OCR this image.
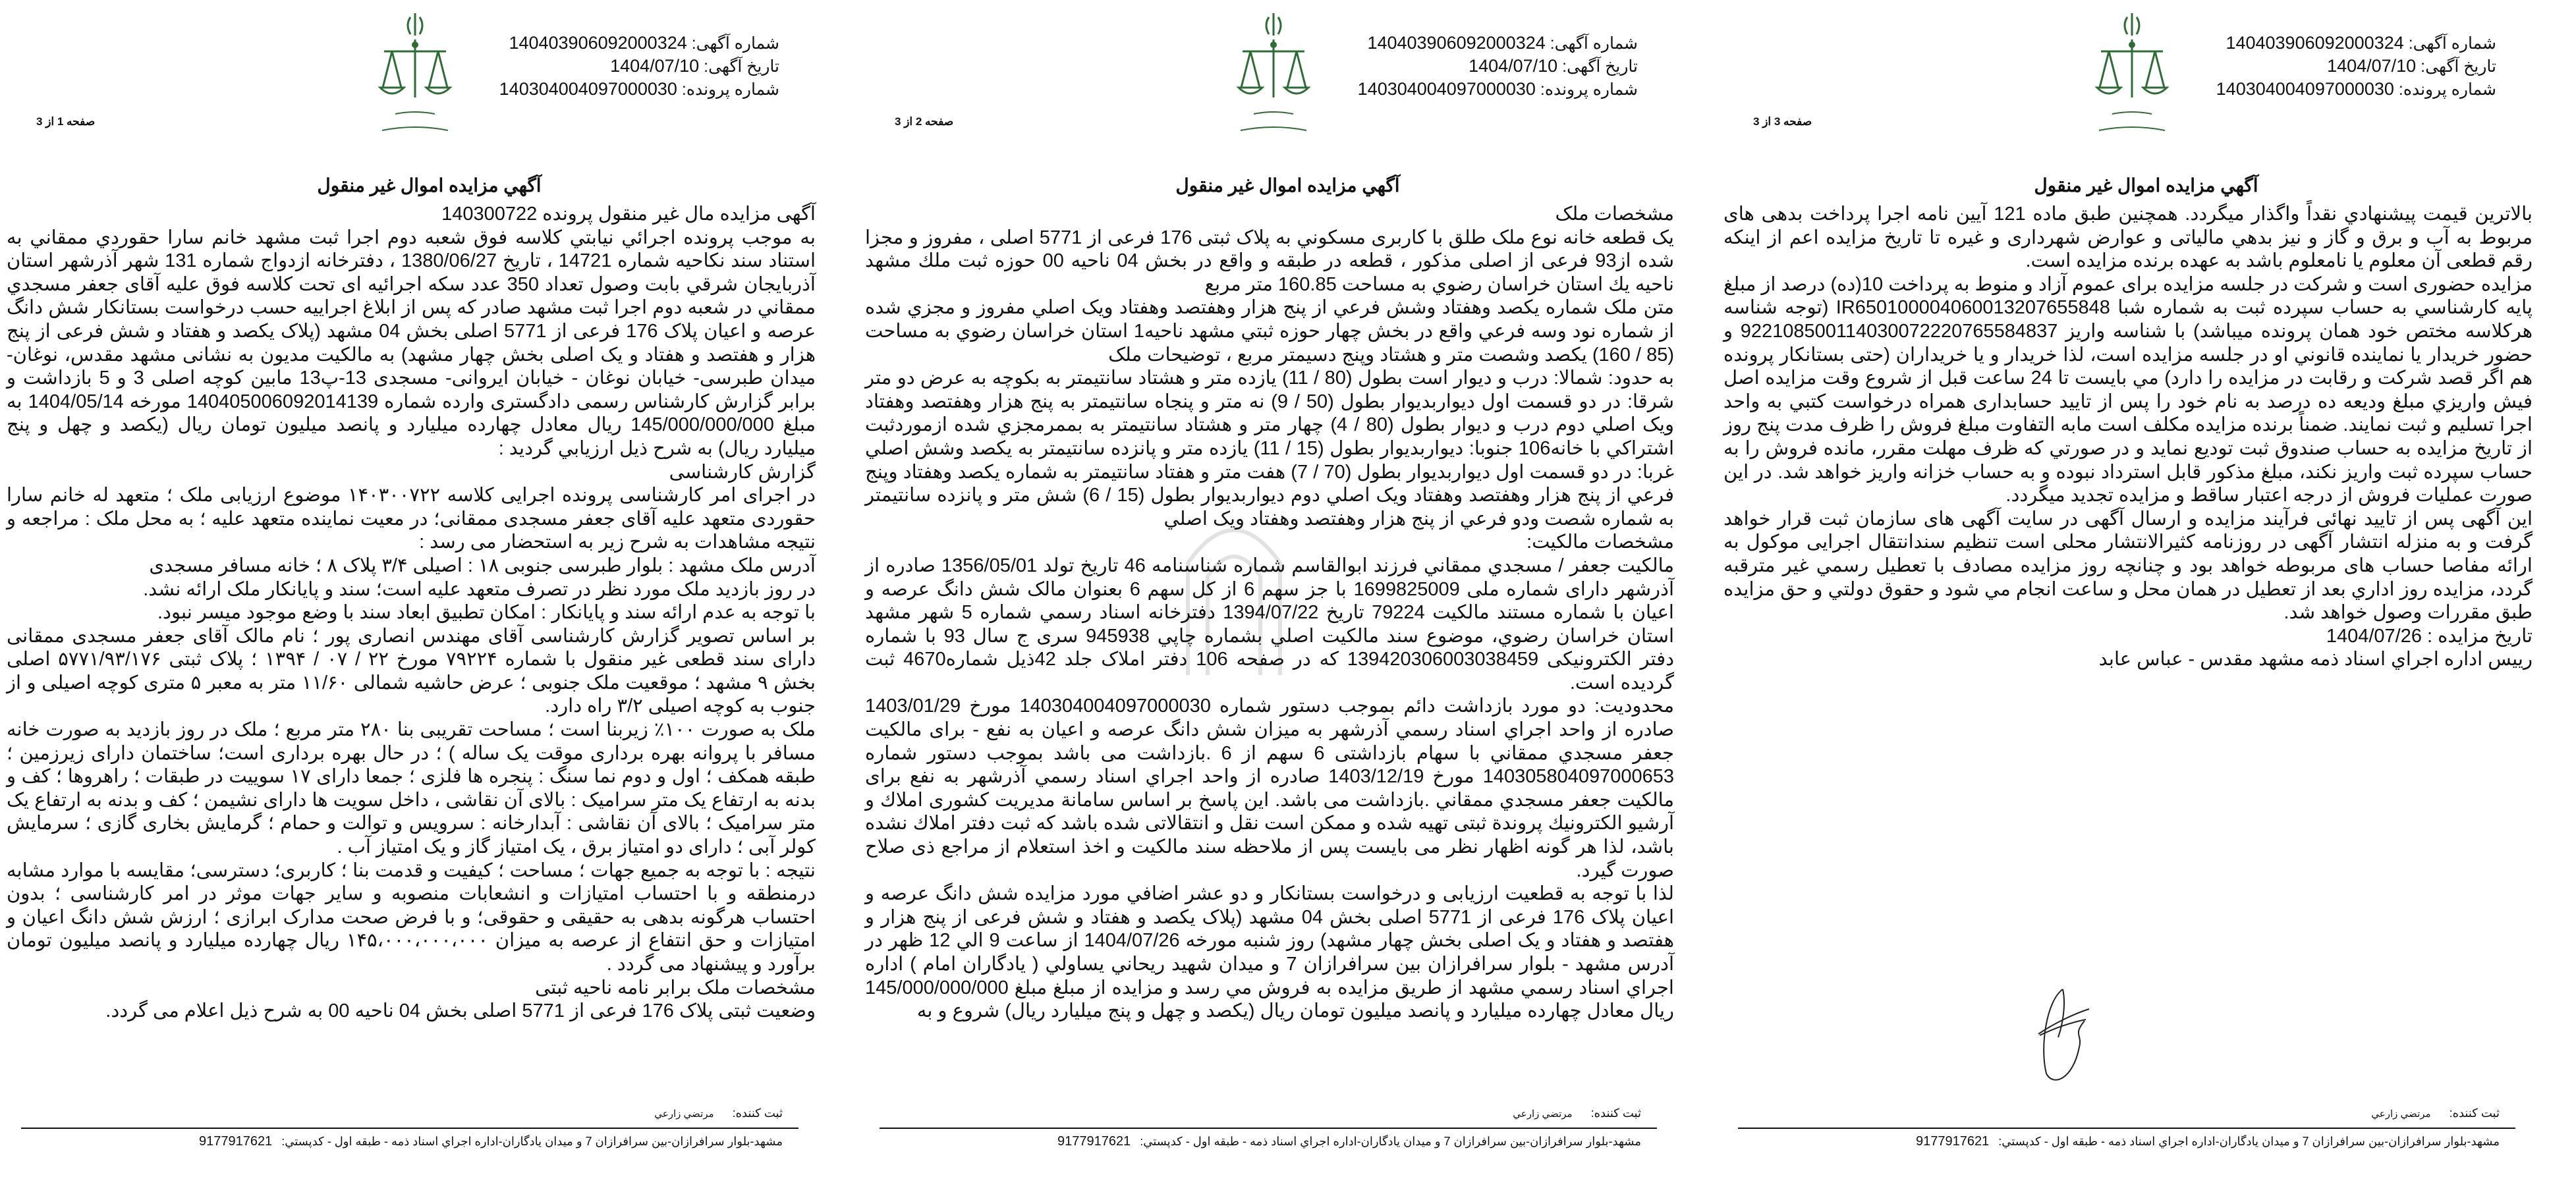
شماره آگهی: 140403906092000324
تاریخ آگهی: 1404/07/10
شماره پرونده: 140304004097000030
صفحه 1 از 3
آگهي مزايده اموال غير منقول

آگهی مزایده مال غیر منقول پرونده 140300722

به موجب پرونده اجرائي نيابتي کلاسه فوق شعبه دوم اجرا ثبت مشهد خانم سارا حقوردي ممقاني به استناد سند نکاحيه شماره 14721 ، تاريخ 1380/06/27 ، دفترخانه ازدواج شماره 131 شهر آذرشهر استان آذربايجان شرقي بابت وصول تعداد 350 عدد سکه اجرائيه ای تحت کلاسه فوق عليه آقای جعفر مسجدي ممقاني در شعبه دوم اجرا ثبت مشهد صادر که پس از ابلاغ اجراييه حسب درخواست بستانکار شش دانگ عرصه و اعيان پلاک 176 فرعی از 5771 اصلی بخش 04 مشهد (پلاک یکصد و هفتاد و شش فرعی از پنج هزار و هفتصد و هفتاد و یک اصلی بخش چهار مشهد) به مالکیت مدیون به نشانی مشهد مقدس، نوغان- میدان طبرسی- خیابان نوغان - خیابان ایروانی- مسجدی 13-پ13 مابین کوچه اصلی 3 و 5 بازداشت و برابر گزارش کارشناس رسمی دادگستری وارده شماره 14040500609201413‌9 مورخه 1404/05/14 به مبلغ 145/000/000/000 ریال معادل چهارده میلیارد و پانصد میلیون تومان ریال (یکصد و چهل و پنج میلیارد ریال) به شرح ذیل ارزيابي گرديد :

گزارش کارشناسی

در اجرای امر کارشناسی پرونده اجرایی کلاسه ۱۴۰۳۰۰۷۲۲ موضوع ارزیابی ملک ؛ متعهد له خانم سارا حقوردی متعهد علیه آقای جعفر مسجدی ممقانی؛ در معیت نماینده متعهد علیه ؛ به محل ملک : مراجعه و نتیجه مشاهدات به شرح زیر به استحضار می رسد :

آدرس ملک مشهد : بلوار طبرسی جنوبی ۱۸ : اصیلی ۳/۴ پلاک ۸ ؛ خانه مسافر مسجدی

در روز بازدید ملک مورد نظر در تصرف متعهد علیه است؛ سند و پایانکار ملک ارائه نشد.

با توجه به عدم ارائه سند و پایانکار : امکان تطبیق ابعاد سند با وضع موجود میسر نبود.

بر اساس تصویر گزارش کارشناسی آقای مهندس انصاری پور ؛ نام مالک آقای جعفر مسجدی ممقانی دارای سند قطعی غیر منقول با شماره ۷۹۲۲۴ مورخ ۲۲ / ۰۷ / ۱۳۹۴ ؛ پلاک ثبتی ۵۷۷۱/۹۳/۱۷۶ اصلی بخش ۹ مشهد ؛ موقعیت ملک جنوبی ؛ عرض حاشیه شمالی ۱۱/۶۰ متر به معبر ۵ متری کوچه اصیلی و از جنوب به کوچه اصیلی ۳/۲ راه دارد.

ملک به صورت ۱۰۰٪ زیربنا است ؛ مساحت تقریبی بنا ۲۸۰ متر مربع ؛ ملک در روز بازدید به صورت خانه مسافر با پروانه بهره برداری موقت یک ساله ) ؛ در حال بهره برداری است؛ ساختمان دارای زیرزمین ؛ طبقه همکف ؛ اول و دوم نما سنگ : پنجره ها فلزی ؛ جمعا دارای ۱۷ سوییت در طبقات ؛ راهروها ؛ کف و بدنه به ارتفاع یک متر سرامیک : بالای آن نقاشی ، داخل سویت ها دارای نشیمن ؛ کف و بدنه به ارتفاع یک متر سرامیک ؛ بالای آن نقاشی : آبدارخانه : سرویس و توالت و حمام ؛ گرمایش بخاری گازی ؛ سرمایش کولر آبی ؛ دارای دو امتیاز برق ، یک امتیاز گاز و یک امتیاز آب .

نتیجه : با توجه به جمیع جهات ؛ مساحت ؛ کیفیت و قدمت بنا ؛ کاربری؛ دسترسی؛ مقایسه با موارد مشابه درمنطقه و با احتساب امتیازات و انشعابات منصوبه و سایر جهات موثر در امر کارشناسی ؛ بدون احتساب هرگونه بدهی به حقیقی و حقوقی؛ و با فرض صحت مدارک ابرازی ؛ ارزش شش دانگ اعیان و امتیازات و حق انتفاع از عرصه به میزان ۱۴۵،۰۰۰،۰۰۰،۰۰۰ ریال چهارده میلیارد و پانصد میلیون تومان برآورد و پیشنهاد می گردد .

مشخصات ملک برابر نامه ناحیه ثبتی

وضعیت ثبتی پلاک 176 فرعی از 5771 اصلی بخش 04 ناحیه 00 به شرح ذیل اعلام می گردد.

ثبت کننده:مرتضي زارعي
مشهد-بلوار سرافرازان-بين سرافرازان 7 و ميدان يادگاران-اداره اجراي اسناد ذمه - طبقه اول - کدپستي:9177917621
شماره آگهی: 140403906092000324
تاریخ آگهی: 1404/07/10
شماره پرونده: 140304004097000030
صفحه 2 از 3
آگهي مزايده اموال غير منقول

مشخصات ملک

یک قطعه خانه نوع ملک طلق با کاربری مسکوني به پلاک ثبتی 176 فرعی از 5771 اصلی ، مفروز و مجزا شده از93 فرعی از اصلی مذکور ، قطعه در طبقه و واقع در بخش 04 ناحیه 00 حوزه ثبت ملك مشهد ناحيه يك استان خراسان رضوي به مساحت 160.85 متر مربع

متن ملک شماره یکصد وهفتاد وشش فرعي از پنج هزار وهفتصد وهفتاد ويک اصلي مفروز و مجزي شده از شماره نود وسه فرعي واقع در بخش چهار حوزه ثبتي مشهد ناحيه1 استان خراسان رضوي به مساحت (85 / 160) يکصد وشصت متر و هشتاد وپنج دسيمتر مربع ، توضيحات ملک

به حدود: شمالا: درب و ديوار است بطول (80 / 11) يازده متر و هشتاد سانتيمتر به بکوچه به عرض دو متر شرقا: در دو قسمت اول ديواربديوار بطول (50 / 9) نه متر و پنجاه سانتيمتر به پنج هزار وهفتصد وهفتاد ويک اصلي دوم درب و ديوار بطول (80 / 4) چهار متر و هشتاد سانتيمتر به بممرمجزي شده ازموردثبت اشتراکي با خانه106 جنوبا: ديواربديوار بطول (15 / 11) يازده متر و پانزده سانتيمتر به يکصد وشش اصلي غربا: در دو قسمت اول ديواربديوار بطول (70 / 7) هفت متر و هفتاد سانتيمتر به شماره يکصد وهفتاد وپنج فرعي از پنج هزار وهفتصد وهفتاد ويک اصلي دوم ديواربديوار بطول (15 / 6) شش متر و پانزده سانتيمتر به شماره شصت ودو فرعي از پنج هزار وهفتصد وهفتاد ويک اصلي

مشخصات مالکيت:

مالکيت جعفر / مسجدي ممقاني فرزند ابوالقاسم شماره شناسنامه 46 تاريخ تولد 1356/05/01 صادره از آذرشهر داراى شماره ملى 1699825009 با جز سهم 6 از کل سهم 6 بعنوان مالک شش دانگ عرصه و اعيان با شماره مستند مالکيت 79224 تاريخ 1394/07/22 دفترخانه اسناد رسمي شماره 5 شهر مشهد استان خراسان رضوي، موضوع سند مالکيت اصلي بشماره چاپي 945938 سرى ج سال 93 با شماره دفتر الکترونيکى 139420306003038459 که در صفحه 106 دفتر املاک جلد 42ذيل شماره4670 ثبت گرديده است.

محدوديت: دو مورد بازداشت دائم بموجب دستور شماره 140304004097000030 مورخ 1403/01/29 صادره از واحد اجراي اسناد رسمي آذرشهر به ميزان شش دانگ عرصه و اعيان به نفع - براى مالکيت جعفر مسجدي ممقاني با سهام بازداشتى 6 سهم از 6 .بازداشت مى باشد بموجب دستور شماره 140305804097000653 مورخ 1403/12/19 صادره از واحد اجراي اسناد رسمي آذرشهر به نفع براى مالکيت جعفر مسجدي ممقاني .بازداشت مى باشد. اين پاسخ بر اساس سامانة مديريت كشورى املاك و آرشيو الكترونيك پروندة ثبتى تهيه شده و ممكن است نقل و انتقالاتى شده باشد كه ثبت دفتر املاك نشده باشد، لذا هر گونه اظهار نظر مى بايست پس از ملاحظه سند مالكيت و اخذ استعلام از مراجع ذى صلاح صورت گيرد.

لذا با توجه به قطعيت ارزيابی و درخواست بستانکار و دو عشر اضافي مورد مزايده شش دانگ عرصه و اعيان پلاک 176 فرعی از 5771 اصلی بخش 04 مشهد (پلاک یکصد و هفتاد و شش فرعی از پنج هزار و هفتصد و هفتاد و یک اصلی بخش چهار مشهد) روز شنبه مورخه 1404/07/26 از ساعت 9 الي 12 ظهر در آدرس مشهد - بلوار سرافرازان بين سرافرازان 7 و ميدان شهيد ريحاني يساولي ( يادگاران امام ) اداره اجراي اسناد رسمي مشهد از طريق مزايده به فروش مي رسد و مزايده از مبلغ مبلغ 145/000/000/000 ريال معادل چهارده ميليارد و پانصد ميليون تومان ريال (يکصد و چهل و پنج ميليارد ريال) شروع و به

ثبت کننده:مرتضي زارعي
مشهد-بلوار سرافرازان-بين سرافرازان 7 و ميدان يادگاران-اداره اجراي اسناد ذمه - طبقه اول - کدپستي:9177917621
شماره آگهی: 140403906092000324
تاریخ آگهی: 1404/07/10
شماره پرونده: 140304004097000030
صفحه 3 از 3
آگهي مزايده اموال غير منقول

بالاترين قيمت پيشنهادي نقداً واگذار ميگردد. همچنين طبق ماده 121 آيين نامه اجرا پرداخت بدهی های مربوط به آب و برق و گاز و نيز بدهي مالياتی و عوارض شهرداری و غيره تا تاريخ مزايده اعم از اينکه رقم قطعی آن معلوم يا نامعلوم باشد به عهده برنده مزايده است.

مزايده حضوری است و شرکت در جلسه مزايده برای عموم آزاد و منوط به پرداخت 10(ده) درصد از مبلغ پايه کارشناسي به حساب سپرده ثبت به شماره شبا IR650100004060013207655848 (توجه شناسه هرکلاسه مختص خود همان پرونده ميباشد) با شناسه واريز 922108500114030072220765584837 و حضور خريدار يا نماينده قانوني او در جلسه مزايده است، لذا خريدار و يا خريداران (حتی بستانکار پرونده هم اگر قصد شرکت و رقابت در مزايده را دارد) مي بايست تا 24 ساعت قبل از شروع وقت مزايده اصل فيش واريزي مبلغ وديعه ده درصد به نام خود را پس از تاييد حسابداری همراه درخواست کتبي به واحد اجرا تسليم و ثبت نمايند. ضمناً برنده مزايده مکلف است مابه التفاوت مبلغ فروش را ظرف مدت پنج روز از تاريخ مزايده به حساب صندوق ثبت توديع نمايد و در صورتي که ظرف مهلت مقرر، مانده فروش را به حساب سپرده ثبت واريز نکند، مبلغ مذکور قابل استرداد نبوده و به حساب خزانه واريز خواهد شد. در اين صورت عمليات فروش از درجه اعتبار ساقط و مزايده تجديد ميگردد.

اين آگهی پس از تاييد نهائی فرآيند مزايده و ارسال آگهی در سايت آگهی های سازمان ثبت قرار خواهد گرفت و به منزله انتشار آگهی در روزنامه کثيرالانتشار محلی است تنظيم سندانتقال اجرايی موکول به ارائه مفاصا حساب های مربوطه خواهد بود و چنانچه روز مزايده مصادف با تعطيل رسمي غير مترقبه گردد، مزايده روز اداري بعد از تعطيل در همان محل و ساعت انجام مي شود و حقوق دولتي و حق مزايده طبق مقررات وصول خواهد شد.

تاريخ مزايده : 1404/07/26

رييس اداره اجراي اسناد ذمه مشهد مقدس - عباس عابد

ثبت کننده:مرتضي زارعي
مشهد-بلوار سرافرازان-بين سرافرازان 7 و ميدان يادگاران-اداره اجراي اسناد ذمه - طبقه اول - کدپستي:9177917621
